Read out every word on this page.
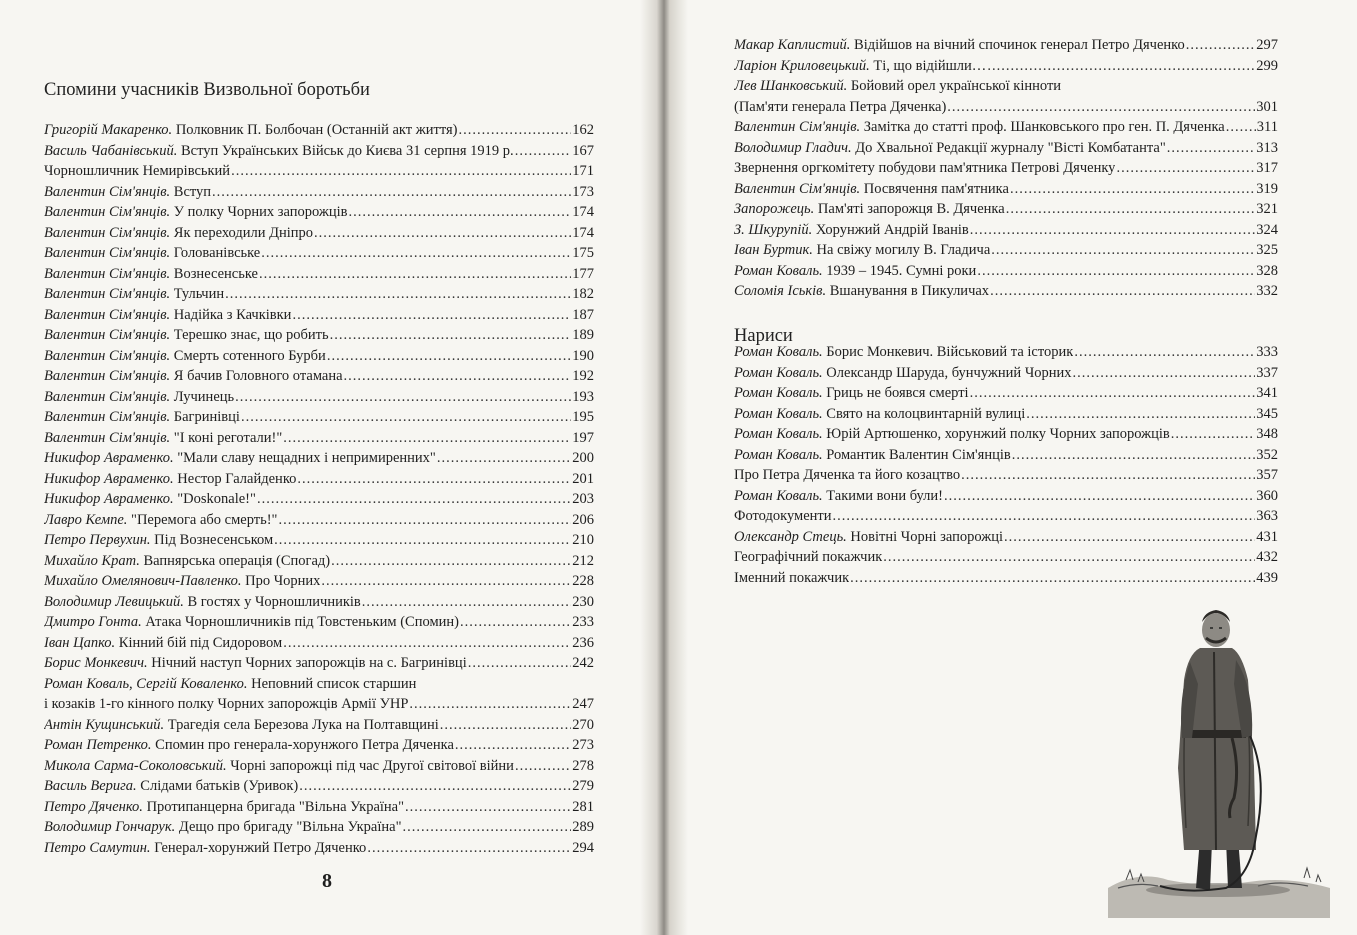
Спомини учасників Визвольної боротьби
Григорій Макаренко. Полковник П. Болбочан (Останній акт життя) .....	162
Василь Чабанівський. Вступ Українських Військ до Києва 31 серпня 1919 р. .....	167
Чорношличник Немирівський .....	171
Валентин Сім'янців. Вступ .....	173
Валентин Сім'янців. У полку Чорних запорожців .....	174
Валентин Сім'янців. Як переходили Дніпро .....	174
Валентин Сім'янців. Голованівське .....	175
Валентин Сім'янців. Вознесенське .....	177
Валентин Сім'янців. Тульчин .....	182
Валентин Сім'янців. Надійка з Качківки .....	187
Валентин Сім'янців. Терешко знає, що робить .....	189
Валентин Сім'янців. Смерть сотенного Бурби .....	190
Валентин Сім'янців. Я бачив Головного отамана .....	192
Валентин Сім'янців. Лучинець .....	193
Валентин Сім'янців. Багринівці .....	195
Валентин Сім'янців. "І коні реготали!" .....	197
Никифор Авраменко. "Мали славу нещадних і непримиренних" .....	200
Никифор Авраменко. Нестор Галайденко .....	201
Никифор Авраменко. "Doskonale!" .....	203
Лавро Кемпе. "Перемога або смерть!" .....	206
Петро Первухин. Під Вознесенськом .....	210
Михайло Крат. Вапнярська операція (Спогад) .....	212
Михайло Омелянович-Павленко. Про Чорних .....	228
Володимир Левицький. В гостях у Чорношличників .....	230
Дмитро Гонта. Атака Чорношличників під Товстеньким (Спомин) .....	233
Іван Цапко. Кінний бій під Сидоровом .....	236
Борис Монкевич. Нічний наступ Чорних запорожців на с. Багринівці .....	242
Роман Коваль, Сергій Коваленко. Неповний список старшин
і козаків 1-го кінного полку Чорних запорожців Армії УНР .....	247
Антін Кущинський. Трагедія села Березова Лука на Полтавщині .....	270
Роман Петренко. Спомин про генерала-хорунжого Петра Дяченка .....	273
Микола Сарма-Соколовський. Чорні запорожці під час Другої світової війни .....	278
Василь Верига. Слідами батьків (Уривок) .....	279
Петро Дяченко. Протипанцерна бригада "Вільна Україна" .....	281
Володимир Гончарук. Дещо про бригаду "Вільна Україна" .....	289
Петро Самутин. Генерал-хорунжий Петро Дяченко .....	294
8
Макар Каплистий. Відійшов на вічний спочинок генерал Петро Дяченко .....	297
Ларіон Криловецький. Ті, що відійшли… .....	299
Лев Шанковський. Бойовий орел української кінноти
(Пам'яти генерала Петра Дяченка) .....	301
Валентин Сім'янців. Замітка до статті проф. Шанковського про ген. П. Дяченка ..... 311
Володимир Гладич. До Хвальної Редакції журналу "Вісті Комбатанта" .....	313
Звернення оргкомітету побудови пам'ятника Петрові Дяченку .....	317
Валентин Сім'янців. Посвячення пам'ятника .....	319
Запорожець. Пам'яті запорожця В. Дяченка .....	321
З. Шкурупій. Хорунжий Андрій Іванів .....	324
Іван Буртик. На свіжу могилу В. Гладича .....	325
Роман Коваль. 1939 – 1945. Сумні роки .....	328
Соломія Іськів. Вшанування в Пикуличах .....	332
Нариси
Роман Коваль. Борис Монкевич. Військовий та історик .....	333
Роман Коваль. Олександр Шаруда, бунчужний Чорних .....	337
Роман Коваль. Гриць не боявся смерті .....	341
Роман Коваль. Свято на колоцвинтарній вулиці .....	345
Роман Коваль. Юрій Артюшенко, хорунжий полку Чорних запорожців .....	348
Роман Коваль. Романтик Валентин Сім'янців .....	352
Про Петра Дяченка та його козацтво .....	357
Роман Коваль. Такими вони були! .....	360
Фотодокументи .....	363
Олександр Стець. Новітні Чорні запорожці .....	431
Географічний покажчик .....	432
Іменний покажчик .....	439
